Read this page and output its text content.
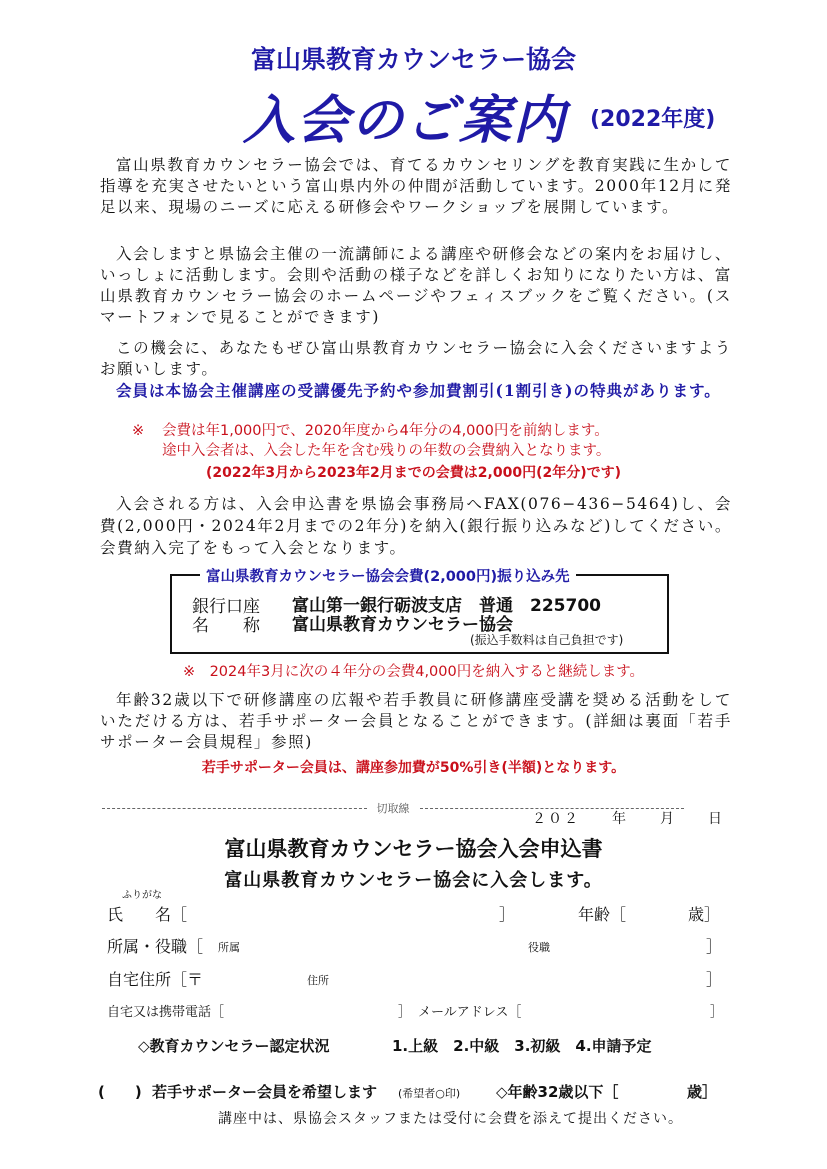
富山県教育カウンセラー協会
入会のご案内 (2022年度)
富山県教育カウンセラー協会では、育てるカウンセリングを教育実践に生かして指導を充実させたいという富山県内外の仲間が活動しています。2000年12月に発足以来、現場のニーズに応える研修会やワークショップを展開しています。
入会しますと県協会主催の一流講師による講座や研修会などの案内をお届けし、いっしょに活動します。会則や活動の様子などを詳しくお知りになりたい方は、富山県教育カウンセラー協会のホームページやフェィスブックをご覧ください。(スマートフォンで見ることができます)
この機会に、あなたもぜひ富山県教育カウンセラー協会に入会くださいますようお願いします。
会員は本協会主催講座の受講優先予約や参加費割引(1割引き)の特典があります。
※ 会費は年1,000円で、2020年度から4年分の4,000円を前納します。
途中入会者は、入会した年を含む残りの年数の会費納入となります。
(2022年3月から2023年2月までの会費は2,000円(2年分)です)
入会される方は、入会申込書を県協会事務局へFAX(076−436−5464)し、会費(2,000円・2024年2月までの2年分)を納入(銀行振り込みなど)してください。会費納入完了をもって入会となります。
富山県教育カウンセラー協会会費(2,000円)振り込み先
銀行口座 富山第一銀行砺波支店　普通　225700
名　　称 富山県教育カウンセラー協会
(振込手数料は自己負担です)
※　2024年3月に次の４年分の会費4,000円を納入すると継続します。
年齢32歳以下で研修講座の広報や若手教員に研修講座受講を奨める活動をしていただける方は、若手サポーター会員となることができます。(詳細は裏面「若手サポーター会員規程」参照)
若手サポーター会員は、講座参加費が50%引き(半額)となります。
切取線
２０２　　年　　月　　日
富山県教育カウンセラー協会入会申込書
富山県教育カウンセラー協会に入会します。
ふりがな
氏　　名［	］	年齢［	歳］
所属・役職［ 所属	役職	］
自宅住所［〒	住所	］
自宅又は携帯電話［	］ メールアドレス［	］
◇教育カウンセラー認定状況	1.上級　2.中級　3.初級　4.申請予定
(　　) 若手サポーター会員を希望します (希望者○印) ◇年齢32歳以下［	歳］
講座中は、県協会スタッフまたは受付に会費を添えて提出ください。
